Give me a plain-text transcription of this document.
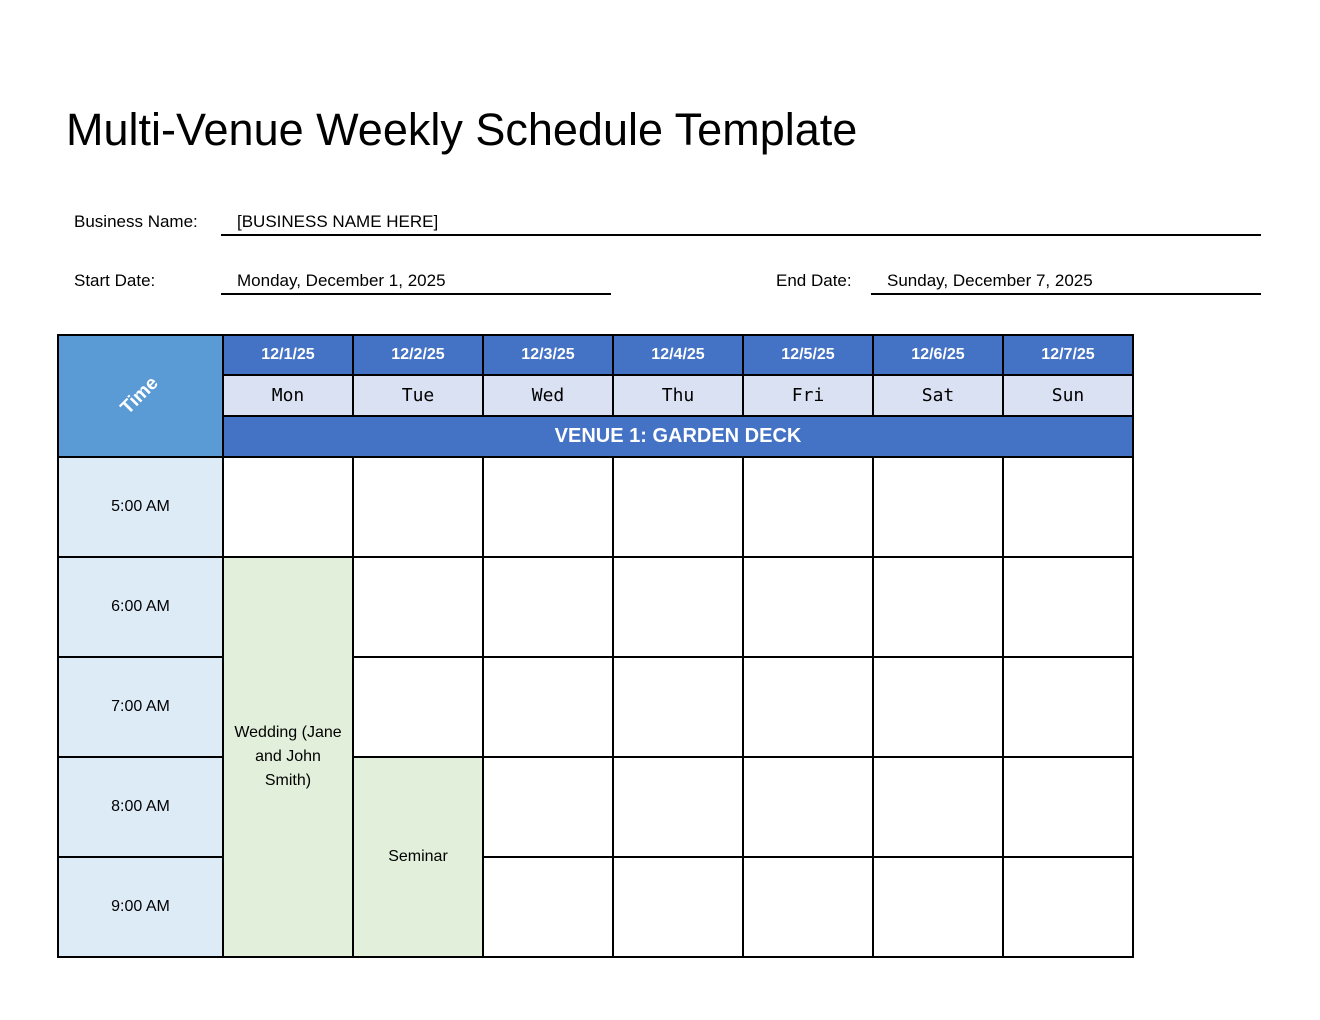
Multi-Venue Weekly Schedule Template
Business Name:	[BUSINESS NAME HERE]
Start Date:	Monday, December 1, 2025	End Date:	Sunday, December 7, 2025
Time	12/1/25	12/2/25	12/3/25	12/4/25	12/5/25	12/6/25	12/7/25
	Mon	Tue	Wed	Thu	Fri	Sat	Sun
	VENUE 1: GARDEN DECK						
5:00 AM							
6:00 AM	Wedding (Jane and John Smith)						

7:00 AM							
8:00 AM		Seminar					
9:00 AM							
